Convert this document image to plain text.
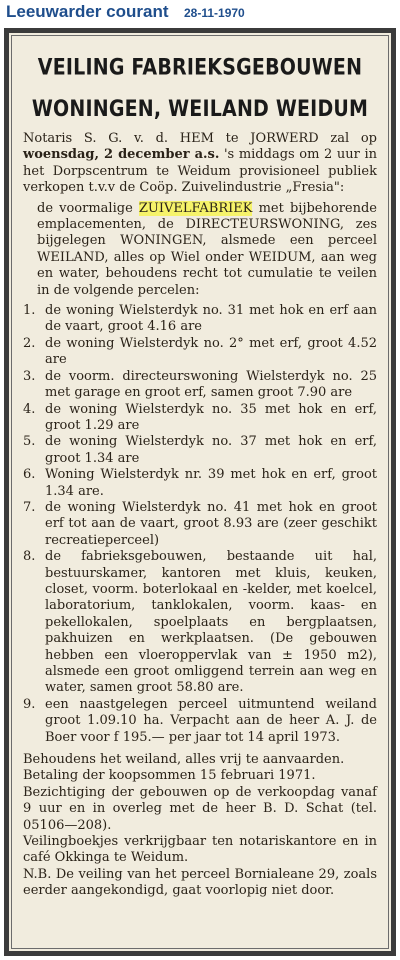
Leeuwarder courant 28-11-1970
VEILING FABRIEKSGEBOUWEN
WONINGEN, WEILAND WEIDUM

Notaris S. G. v. d. HEM te JORWERD zal op woensdag, 2 december a.s. 's middags om 2 uur in het Dorpscentrum te Weidum provisioneel publiek verkopen t.v.v de Coöp. Zuivelindustrie „Fresia":

de voormalige ZUIVELFABRIEK met bijbehorende emplacementen, de DIRECTEURSWONING, zes bijgelegen WONINGEN, alsmede een perceel WEILAND, alles op Wiel onder WEIDUM, aan weg en water, behoudens recht tot cumulatie te veilen in de volgende percelen:

1. de woning Wielsterdyk no. 31 met hok en erf aan de vaart, groot 4.16 are

2. de woning Wielsterdyk no. 2° met erf, groot 4.52 are

3. de voorm. directeurswoning Wielsterdyk no. 25 met garage en groot erf, samen groot 7.90 are

4. de woning Wielsterdyk no. 35 met hok en erf, groot 1.29 are

5. de woning Wielsterdyk no. 37 met hok en erf, groot 1.34 are

6. Woning Wielsterdyk nr. 39 met hok en erf, groot 1.34 are.

7. de woning Wielsterdyk no. 41 met hok en groot erf tot aan de vaart, groot 8.93 are (zeer geschikt recreatieperceel)

8. de fabrieksgebouwen, bestaande uit hal, bestuurskamer, kantoren met kluis, keuken, closet, voorm. boterlokaal en -kelder, met koelcel, laboratorium, tanklokalen, voorm. kaas- en pekellokalen, spoelplaats en bergplaatsen, pakhuizen en werkplaatsen. (De gebouwen hebben een vloeroppervlak van ± 1950 m2), alsmede een groot omliggend terrein aan weg en water, samen groot 58.80 are.

9. een naastgelegen perceel uitmuntend weiland groot 1.09.10 ha. Verpacht aan de heer A. J. de Boer voor f 195.— per jaar tot 14 april 1973.

Behoudens het weiland, alles vrij te aanvaarden.

Betaling der koopsommen 15 februari 1971.

Bezichtiging der gebouwen op de verkoopdag vanaf 9 uur en in overleg met de heer B. D. Schat (tel. 05106—208).

Veilingboekjes verkrijgbaar ten notariskantore en in café Okkinga te Weidum.

N.B. De veiling van het perceel Bornialeane 29, zoals eerder aangekondigd, gaat voorlopig niet door.
